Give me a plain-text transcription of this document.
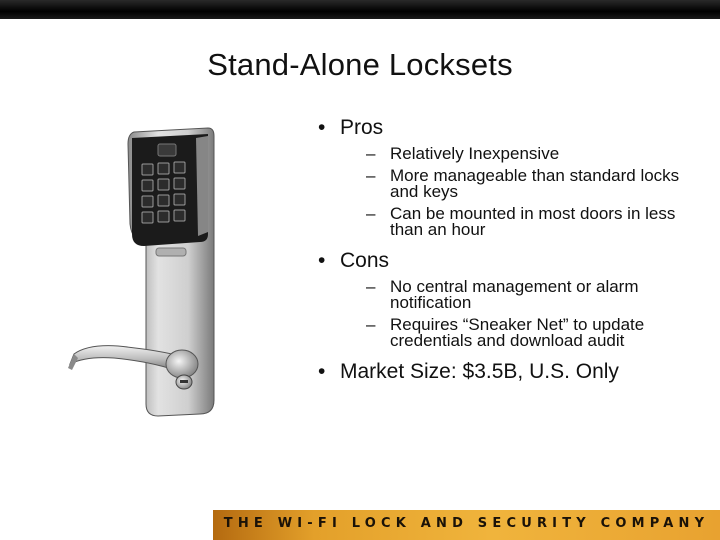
Stand-Alone Locksets
• Pros
– Relatively Inexpensive
– More manageable than standard locks and keys
– Can be mounted in most doors in less than an hour
• Cons
– No central management or alarm notification
– Requires “Sneaker Net” to update credentials and download audit
• Market Size: $3.5B, U.S. Only
THE WI-FI LOCK AND SECURITY COMPANY
